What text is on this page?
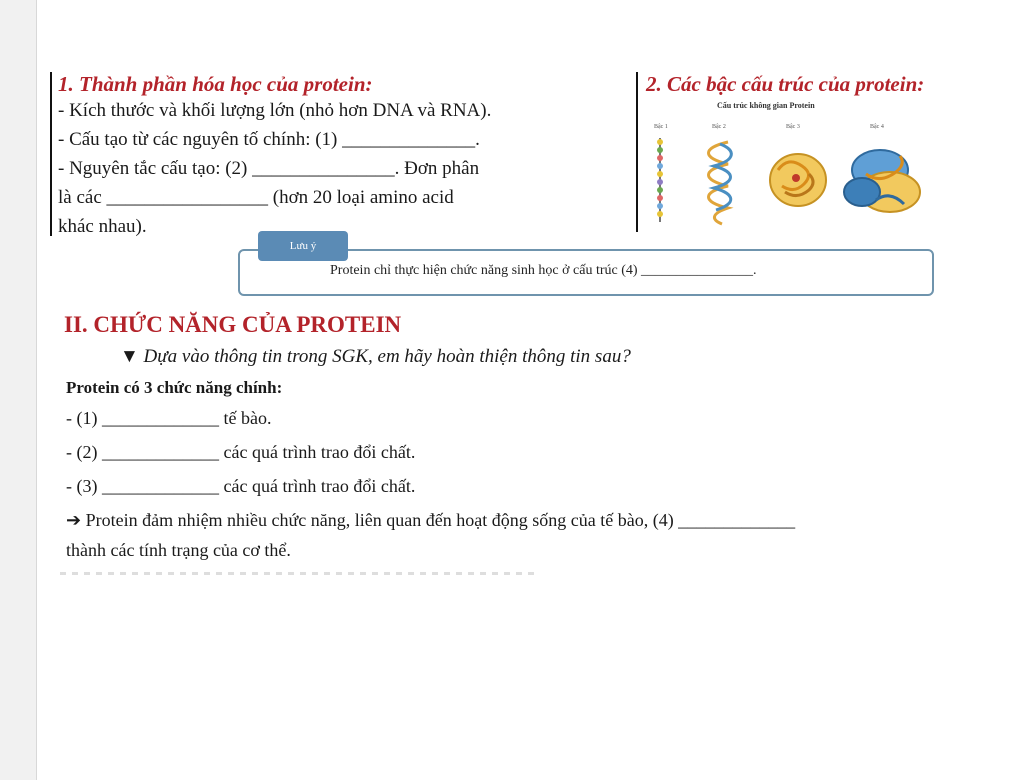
1. Thành phần hóa học của protein:
- Kích thước và khối lượng lớn (nhỏ hơn DNA và RNA).
- Cấu tạo từ các nguyên tố chính: (1) ______________.
- Nguyên tắc cấu tạo: (2) _______________. Đơn phân
là các _________________ (hơn 20 loại amino acid
khác nhau).
2. Các bậc cấu trúc của protein:
Cấu trúc không gian Protein
Bậc 1	Bậc 2	Bậc 3	Bậc 4
Lưu ý
Protein chỉ thực hiện chức năng sinh học ở cấu trúc (4) ________________.
II. CHỨC NĂNG CỦA PROTEIN
▼ Dựa vào thông tin trong SGK, em hãy hoàn thiện thông tin sau?
Protein có 3 chức năng chính:
- (1) _____________ tế bào.
- (2) _____________ các quá trình trao đổi chất.
- (3) _____________ các quá trình trao đổi chất.
➔ Protein đảm nhiệm nhiều chức năng, liên quan đến hoạt động sống của tế bào, (4) _____________
thành các tính trạng của cơ thể.
